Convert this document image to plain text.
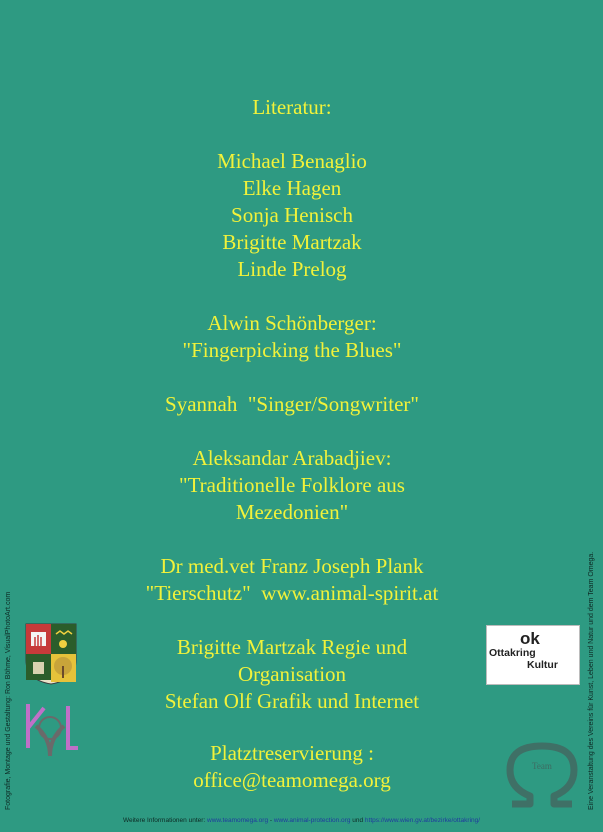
Literatur:
Michael Benaglio
Elke Hagen
Sonja Henisch
Brigitte Martzak
Linde Prelog
Alwin Schönberger:
"Fingerpicking the Blues"
Syannah  "Singer/Songwriter"
Aleksandar Arabadjiev:
"Traditionelle Folklore aus
Mezedonien"
Dr med.vet Franz Joseph Plank
"Tierschutz"  www.animal-spirit.at
Brigitte Martzak Regie und
Organisation
Stefan Olf Grafik und Internet
Platztreservierung :
office@teamomega.org
Fotografie, Montage und Gestaltung: Ron Böhme, VisualPhotoArt.com	Eine Veranstaltung des Vereins für Kunst, Leben und Natur und dem Team Omega.
ok
Ottakring
Kultur
Team
Weitere Informationen unter: www.teamomega.org - www.animal-protection.org und https://www.wien.gv.at/bezirke/ottakring/
